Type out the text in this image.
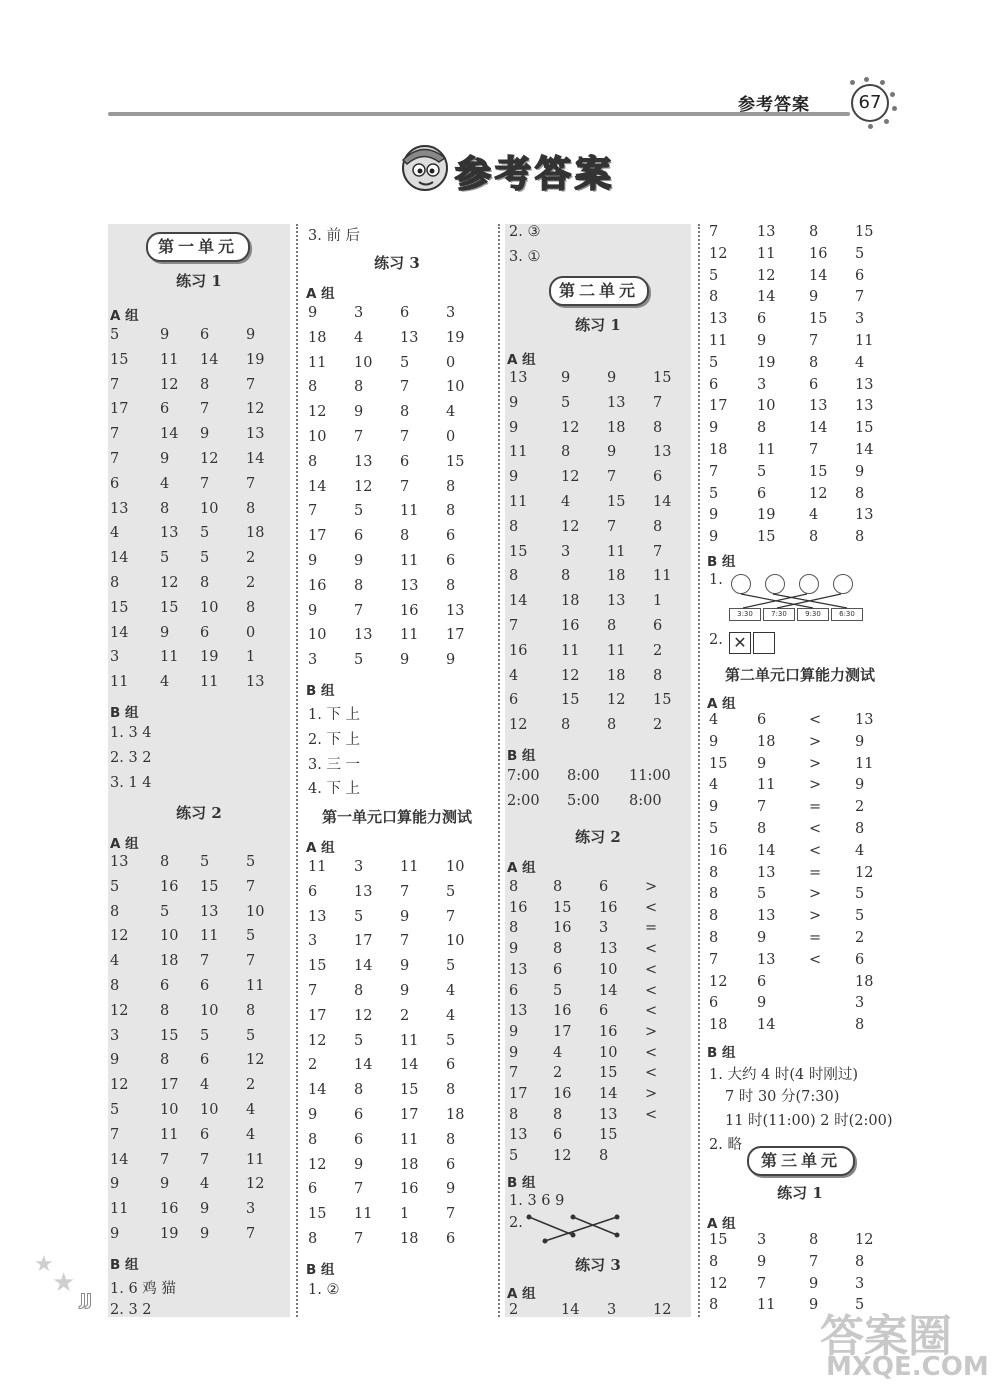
参考答案	67
参考答案
第一单元
练习 1
A 组
5	9 6	9
15 11 14 19
7	12 8	7
17 6 7	12
7	14 9	13
7	9 12 14
6	4 7	7
13 8 10 8
4	13 5	18
14 5 5	2
8	12 8	2
15 15 10 8
14 9 6	0
3	11 19 1
11 4 11 13
B 组
1. 3 4
2. 3 2
3. 1 4
练习 2
A 组
13 8 5	5
5	16 15 7
8	5 13 10
12 10 11 5
4	18 7	7
8	6 6	11
12 8 10 8
3	15 5	5
9	8 6	12
12 17 4	2
5	10 10 4
7	11 6	4
14 7 7	11
9	9 4	12
11 16 9	3
9	19 9	7
B 组
1. 6 鸡 猫
2. 3 2
3. 前 后
练习 3
A 组
9	3	6	3
18 4	13 19
11 10 5	0
8	8	7	10
12 9	8	4
10 7	7	0
8	13 6	15
14 12 7	8
7	5	11 8
17 6	8	6
9	9	11 6
16 8	13 8
9	7	16 13
10 13 11 17
3	5	9	9
B 组
1. 下 上
2. 下 上
3. 三 一
4. 下 上
第一单元口算能力测试
A 组
11 3	11 10
6	13 7	5
13 5	9	7
3	17 7	10
15 14 9	5
7	8	9	4
17 12 2	4
12 5	11 5
2	14 14 6
14 8	15 8
9	6	17 18
8	6	11 8
12 9	18 6
6	7	16 9
15 11 1	7
8	7	18 6
B 组
1. ②
2. ③
3. ①
第二单元
练习 1
A 组
13 9	9	15
9	5	13 7
9	12 18 8
11 8	9	13
9	12 7	6
11 4	15 14
8	12 7	8
15 3	11 7
8	8	18 11
14 18 13 1
7	16 8	6
16 11 11 2
4	12 18 8
6	15 12 15
12 8	8	2
B 组
7:00 8:00 11:00
2:00 5:00 8:00
练习 2
A 组
8 8	6	>
16 15 16 <
8 16 3	=
9 8	13 <
13 6	10 <
6 5	14 <
13 16 6	<
9 17 16 >
9 4	10 <
7 2	15 <
17 16 14 >
8 8	13 <
13 6	15
5 12 8
B 组
1. 3 6 9
2.
练习 3
A 组
2	14 3	12
7	13 8	15
12 11 16 5
5	12 14 6
8	14 9	7
13 6	15 3
11 9	7	11
5	19 8	4
6	3	6	13
17 10 13 13
9	8	14 15
18 11 7	14
7	5	15 9
5	6	12 8
9	19 4	13
9	15 8	8
B 组
1.
3:30	7:30	9:30	6:30
2. ✕
第二单元口算能力测试
A 组
4	6	< 13
9	18 > 9
15 9	> 11
4	11 > 9
9	7	= 2
5	8	< 8
16 14 < 4
8	13 = 12
8	5	> 5
8	13 > 5
8	9	= 2
7	13 < 6
12 6	18
6	9	3
18 14	8
B 组
1. 大约 4 时(4 时刚过)
7 时 30 分(7:30)
11 时(11:00) 2 时(2:00)
2. 略
第三单元
练习 1
A 组
15 3	8	12
8	9	7	8
12 7	9	3
8	11 9	5
★
★
JJ
答案圈
MXQE.COM
